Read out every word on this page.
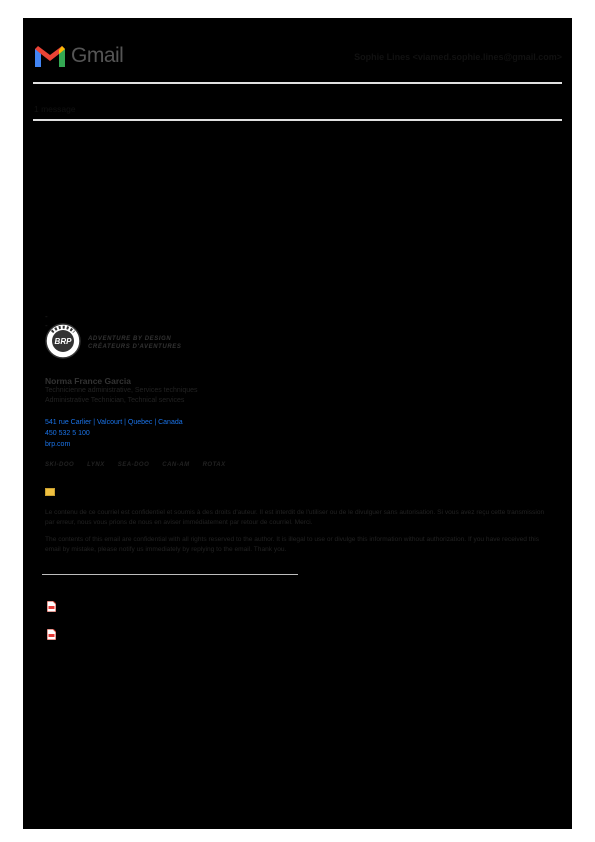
Gmail	Sophie Lines <viamed.sophie.lines@gmail.com>
1 message
--
BRP	ADVENTURE BY DESIGN
CRÉATEURS D'AVENTURES
Norma France Garcia
Technicienne administrative, Services techniques
Administrative Technician, Technical services
541 rue Carlier | Valcourt | Quebec | Canada
450 532 5 100
brp.com
SKI-DOO LYNX SEA-DOO CAN-AM ROTAX
Le contenu de ce courriel est confidentiel et soumis à des droits d'auteur. Il est interdit de l'utiliser ou de le divulguer sans autorisation. Si vous avez reçu cette transmission par erreur, nous vous prions de nous en aviser immédiatement par retour de courriel. Merci.
The contents of this email are confidential with all rights reserved to the author. It is illegal to use or divulge this information without authorization. If you have received this email by mistake, please notify us immediately by replying to the email. Thank you.
